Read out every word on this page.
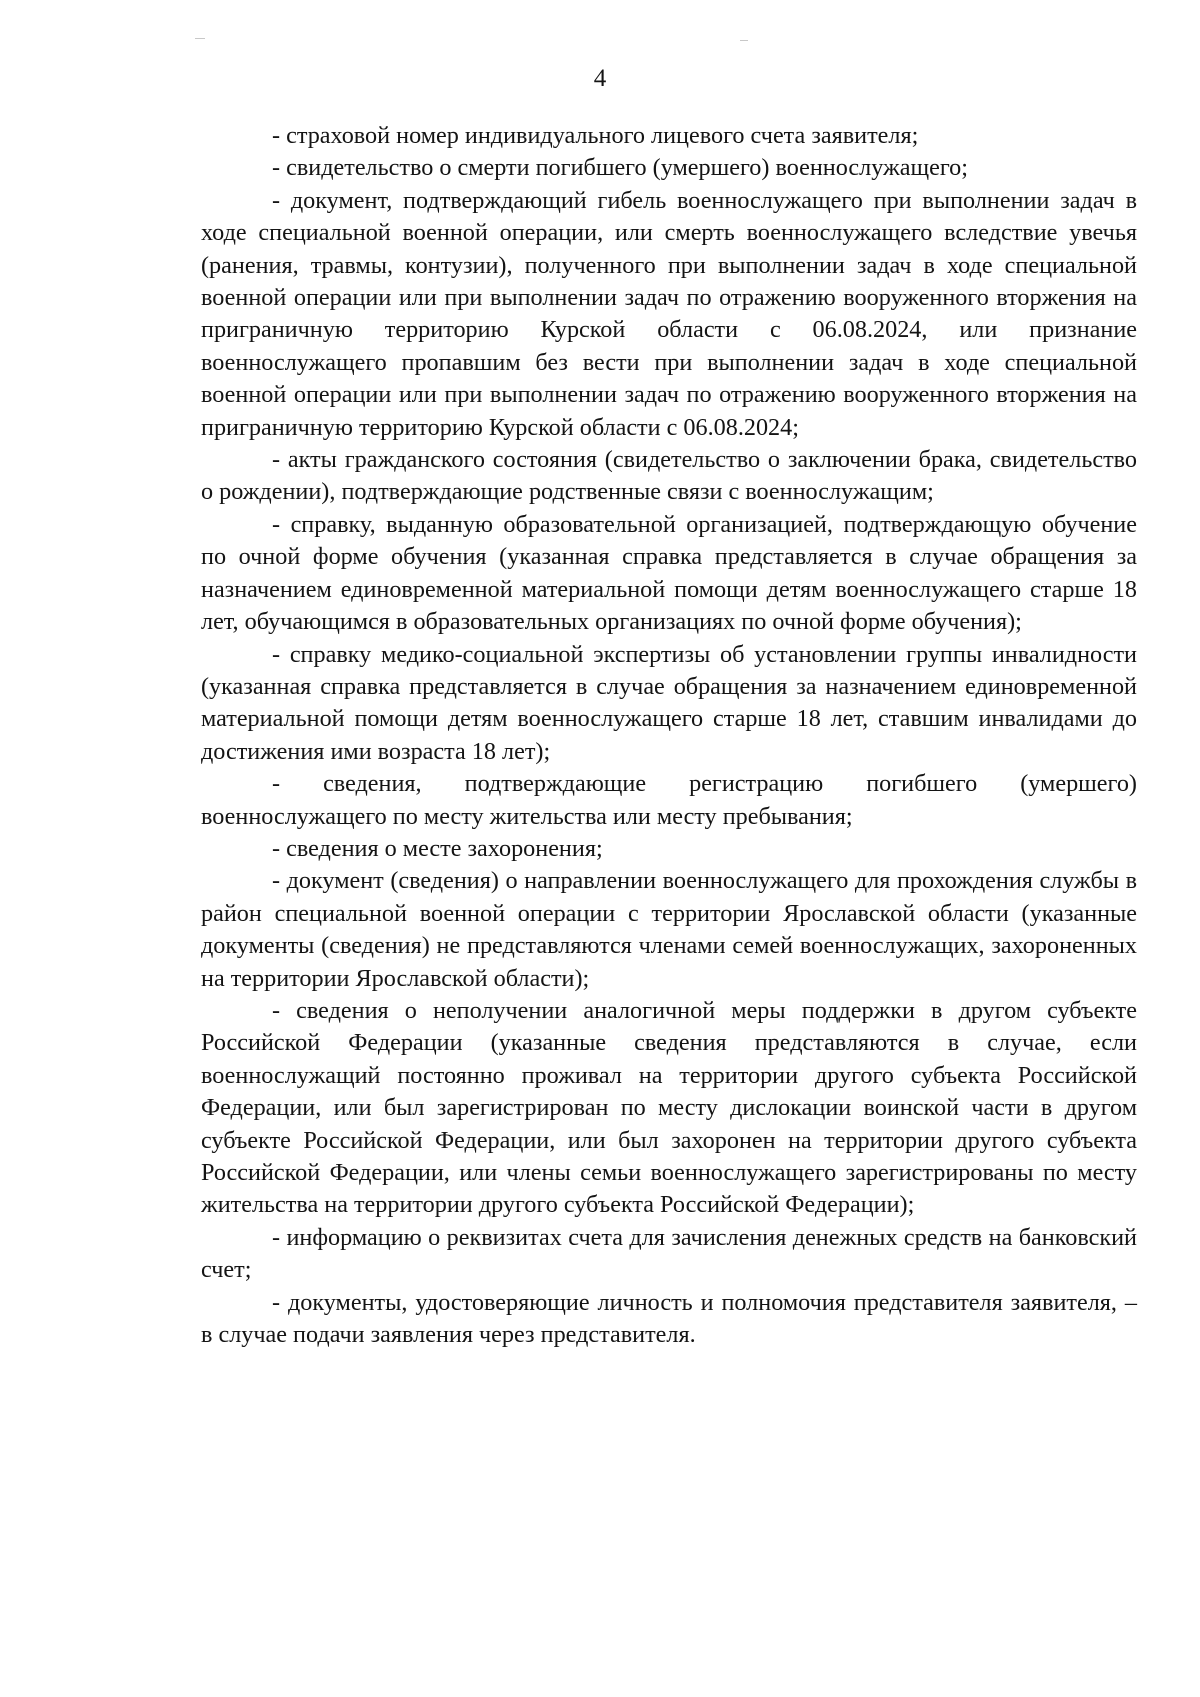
4

- страховой номер индивидуального лицевого счета заявителя;

- свидетельство о смерти погибшего (умершего) военнослужащего;

- документ, подтверждающий гибель военнослужащего при выполнении задач в ходе специальной военной операции, или смерть военнослужащего вследствие увечья (ранения, травмы, контузии), полученного при выполнении задач в ходе специальной военной операции или при выполнении задач по отражению вооруженного вторжения на приграничную территорию Курской области с 06.08.2024, или признание военнослужащего пропавшим без вести при выполнении задач в ходе специальной военной операции или при выполнении задач по отражению вооруженного вторжения на приграничную территорию Курской области с 06.08.2024;

- акты гражданского состояния (свидетельство о заключении брака, свидетельство о рождении), подтверждающие родственные связи с военнослужащим;

- справку, выданную образовательной организацией, подтверждающую обучение по очной форме обучения (указанная справка представляется в случае обращения за назначением единовременной материальной помощи детям военнослужащего старше 18 лет, обучающимся в образовательных организациях по очной форме обучения);

- справку медико-социальной экспертизы об установлении группы инвалидности (указанная справка представляется в случае обращения за назначением единовременной материальной помощи детям военнослужащего старше 18 лет, ставшим инвалидами до достижения ими возраста 18 лет);

- сведения, подтверждающие регистрацию погибшего (умершего) военнослужащего по месту жительства или месту пребывания;

- сведения о месте захоронения;

- документ (сведения) о направлении военнослужащего для прохождения службы в район специальной военной операции с территории Ярославской области (указанные документы (сведения) не представляются членами семей военнослужащих, захороненных на территории Ярославской области);

- сведения о неполучении аналогичной меры поддержки в другом субъекте Российской Федерации (указанные сведения представляются в случае, если военнослужащий постоянно проживал на территории другого субъекта Российской Федерации, или был зарегистрирован по месту дислокации воинской части в другом субъекте Российской Федерации, или был захоронен на территории другого субъекта Российской Федерации, или члены семьи военнослужащего зарегистрированы по месту жительства на территории другого субъекта Российской Федерации);

- информацию о реквизитах счета для зачисления денежных средств на банковский счет;

- документы, удостоверяющие личность и полномочия представителя заявителя, – в случае подачи заявления через представителя.
